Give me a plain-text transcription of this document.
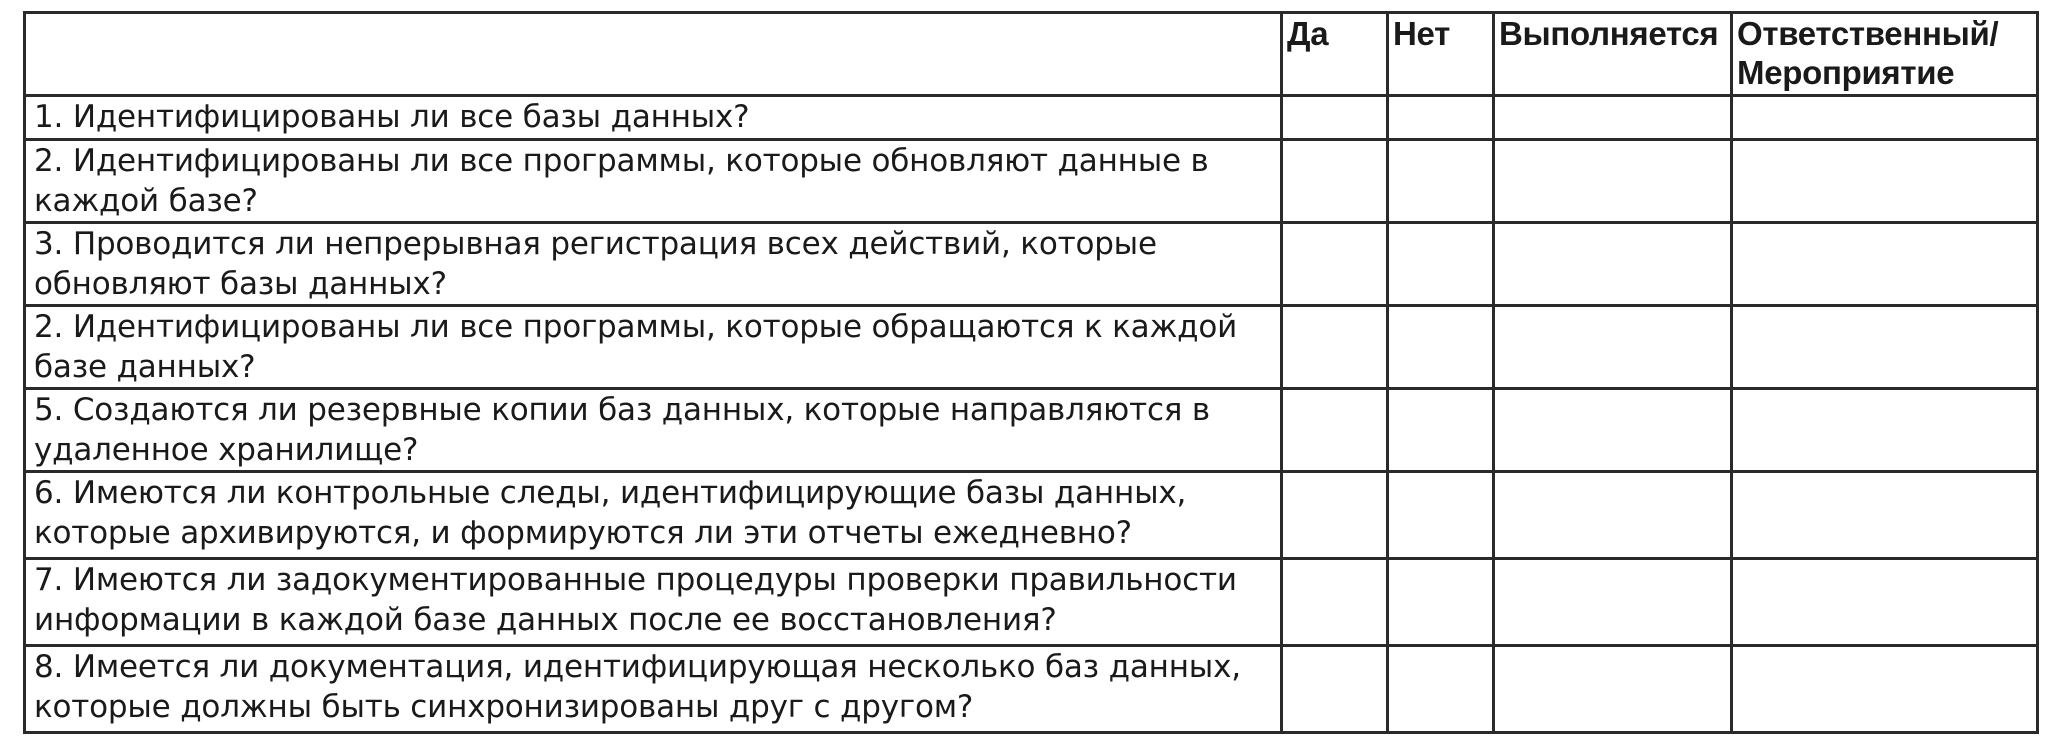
	Да	Нет	Выполняется	Ответственный/ Мероприятие

1. Идентифицированы ли все базы данных?				

2. Идентифицированы ли все программы, которые обновляют данные в каждой базе?				

3. Проводится ли непрерывная регистрация всех действий, которые обновляют базы данных?				

2. Идентифицированы ли все программы, которые обращаются к каждой базе данных?				

5. Создаются ли резервные копии баз данных, которые направляются в удаленное хранилище?				

6. Имеются ли контрольные следы, идентифицирующие базы данных, которые архивируются, и формируются ли эти отчеты ежедневно?				

7. Имеются ли задокументированные процедуры проверки правильности информации в каждой базе данных после ее восстановления?				

8. Имеется ли документация, идентифицирующая несколько баз данных, которые должны быть синхронизированы друг с другом?				
